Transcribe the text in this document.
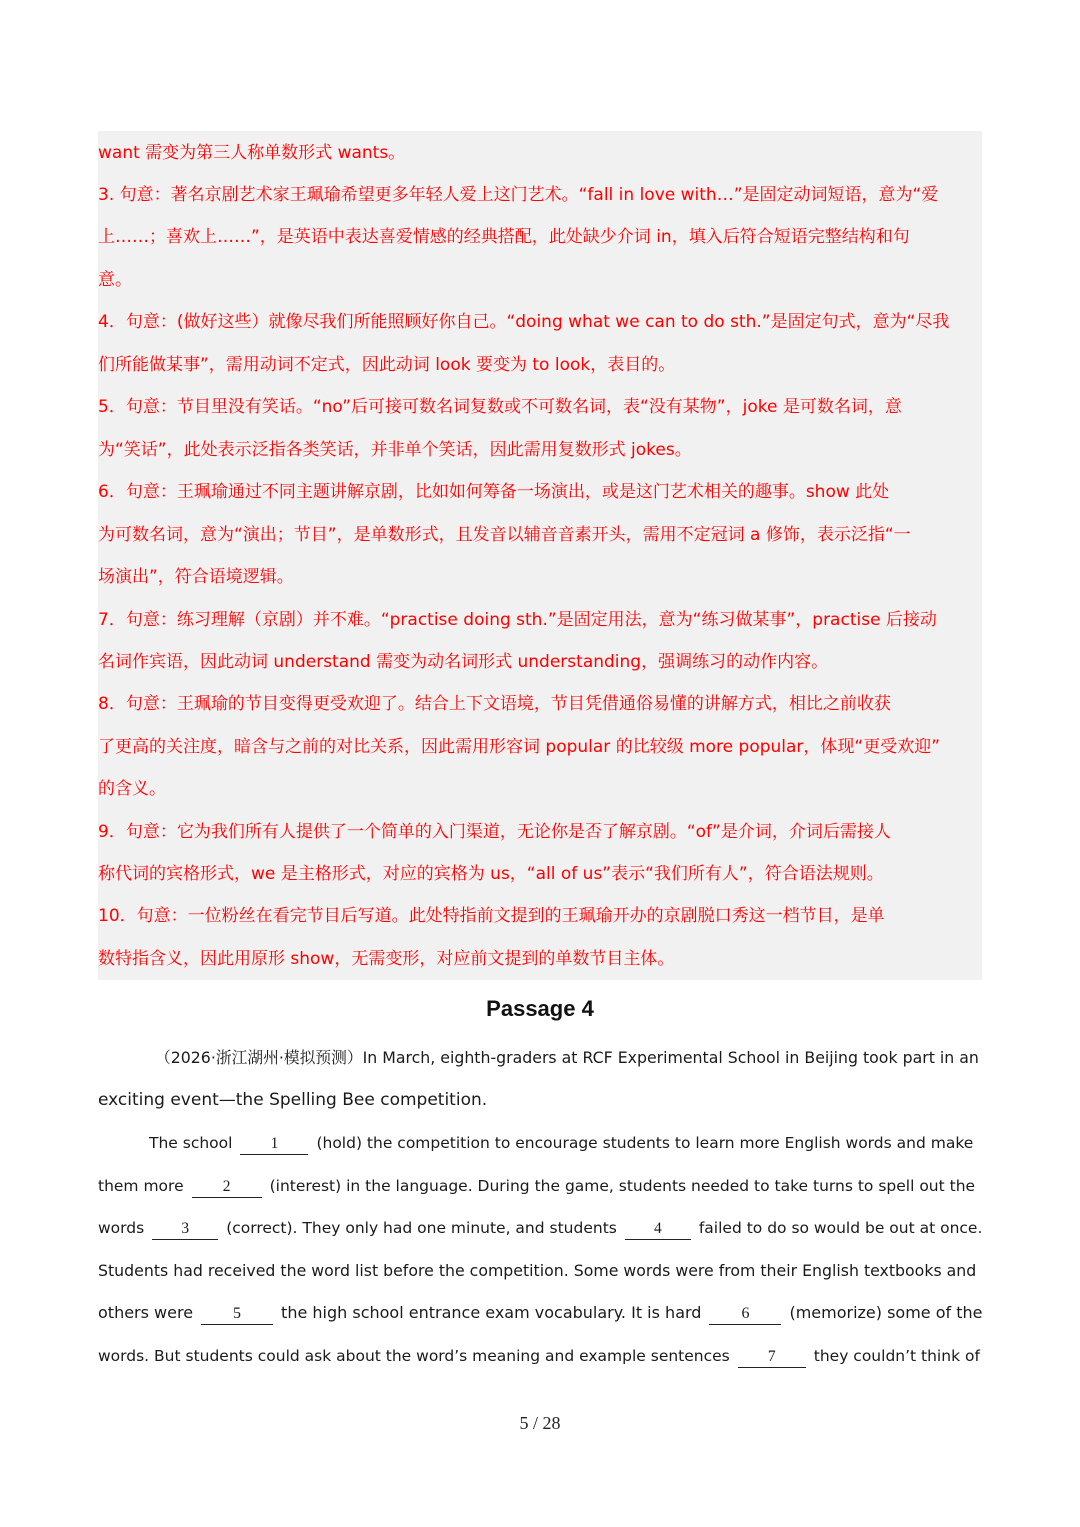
want 需变为第三人称单数形式 wants。
3. 句意：著名京剧艺术家王珮瑜希望更多年轻人爱上这门艺术。“fall in love with…”是固定动词短语，意为“爱
上……；喜欢上……”，是英语中表达喜爱情感的经典搭配，此处缺少介词 in，填入后符合短语完整结构和句
意。
4．句意：(做好这些）就像尽我们所能照顾好你自己。“doing what we can to do sth.”是固定句式，意为“尽我
们所能做某事”，需用动词不定式，因此动词 look 要变为 to look，表目的。
5．句意：节目里没有笑话。“no”后可接可数名词复数或不可数名词，表“没有某物”，joke 是可数名词，意
为“笑话”，此处表示泛指各类笑话，并非单个笑话，因此需用复数形式 jokes。
6．句意：王珮瑜通过不同主题讲解京剧，比如如何筹备一场演出，或是这门艺术相关的趣事。show 此处
为可数名词，意为“演出；节目”，是单数形式，且发音以辅音音素开头，需用不定冠词 a 修饰，表示泛指“一
场演出”，符合语境逻辑。
7．句意：练习理解（京剧）并不难。“practise doing sth.”是固定用法，意为“练习做某事”，practise 后接动
名词作宾语，因此动词 understand 需变为动名词形式 understanding，强调练习的动作内容。
8．句意：王珮瑜的节目变得更受欢迎了。结合上下文语境，节目凭借通俗易懂的讲解方式，相比之前收获
了更高的关注度，暗含与之前的对比关系，因此需用形容词 popular 的比较级 more popular，体现“更受欢迎”
的含义。
9．句意：它为我们所有人提供了一个简单的入门渠道，无论你是否了解京剧。“of”是介词，介词后需接人
称代词的宾格形式，we 是主格形式，对应的宾格为 us，“all of us”表示“我们所有人”，符合语法规则。
10．句意：一位粉丝在看完节目后写道。此处特指前文提到的王珮瑜开办的京剧脱口秀这一档节目，是单
数特指含义，因此用原形 show，无需变形，对应前文提到的单数节目主体。
Passage 4
（2026·浙江湖州·模拟预测）In March, eighth-graders at RCF Experimental School in Beijing took part in an
exciting event—the Spelling Bee competition.
The school 1 (hold) the competition to encourage students to learn more English words and make
them more	2	(interest) in the language. During the game, students needed to take turns to spell out the
words 3 (correct). They only had one minute, and students 4 failed to do so would be out at once.
Students had received the word list before the competition. Some words were from their English textbooks and
others were	5	the high school entrance exam vocabulary. It is hard	6	(memorize) some of the
words. But students could ask about the word’s meaning and example sentences 7 they couldn’t think of
5 / 28
